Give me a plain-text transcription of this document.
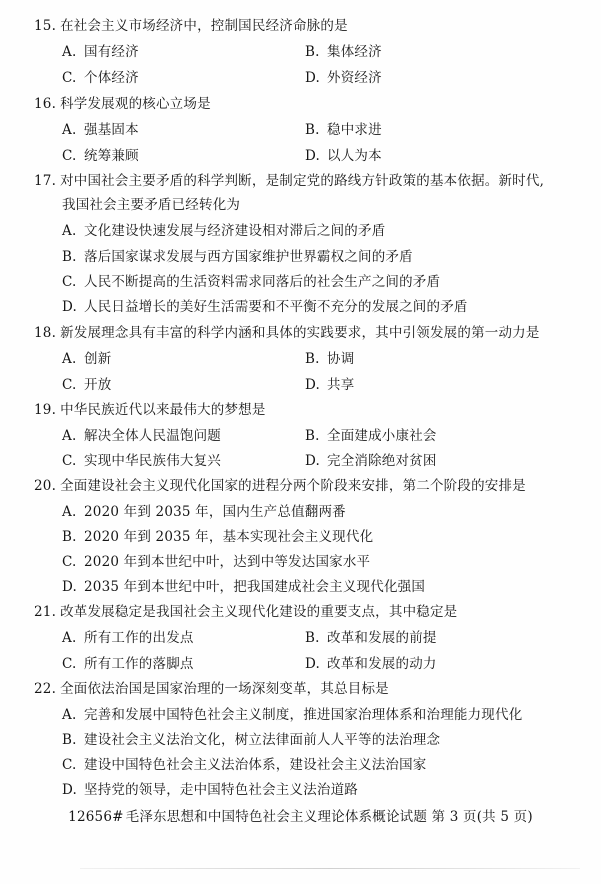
15. 在社会主义市场经济中，控制国民经济命脉的是
A. 国有经济	B. 集体经济
C. 个体经济	D. 外资经济
16. 科学发展观的核心立场是
A. 强基固本	B. 稳中求进
C. 统筹兼顾	D. 以人为本
17. 对中国社会主要矛盾的科学判断，是制定党的路线方针政策的基本依据。新时代,
我国社会主要矛盾已经转化为
A. 文化建设快速发展与经济建设相对滞后之间的矛盾
B. 落后国家谋求发展与西方国家维护世界霸权之间的矛盾
C. 人民不断提高的生活资料需求同落后的社会生产之间的矛盾
D. 人民日益增长的美好生活需要和不平衡不充分的发展之间的矛盾
18. 新发展理念具有丰富的科学内涵和具体的实践要求，其中引领发展的第一动力是
A. 创新	B. 协调
C. 开放	D. 共享
19. 中华民族近代以来最伟大的梦想是
A. 解决全体人民温饱问题	B. 全面建成小康社会
C. 实现中华民族伟大复兴	D. 完全消除绝对贫困
20. 全面建设社会主义现代化国家的进程分两个阶段来安排，第二个阶段的安排是
A. 2020 年到 2035 年，国内生产总值翻两番
B. 2020 年到 2035 年，基本实现社会主义现代化
C. 2020 年到本世纪中叶，达到中等发达国家水平
D. 2035 年到本世纪中叶，把我国建成社会主义现代化强国
21. 改革发展稳定是我国社会主义现代化建设的重要支点，其中稳定是
A. 所有工作的出发点	B. 改革和发展的前提
C. 所有工作的落脚点	D. 改革和发展的动力
22. 全面依法治国是国家治理的一场深刻变革，其总目标是
A. 完善和发展中国特色社会主义制度，推进国家治理体系和治理能力现代化
B. 建设社会主义法治文化，树立法律面前人人平等的法治理念
C. 建设中国特色社会主义法治体系，建设社会主义法治国家
D. 坚持党的领导，走中国特色社会主义法治道路
12656# 毛泽东思想和中国特色社会主义理论体系概论试题 第 3 页(共 5 页)
